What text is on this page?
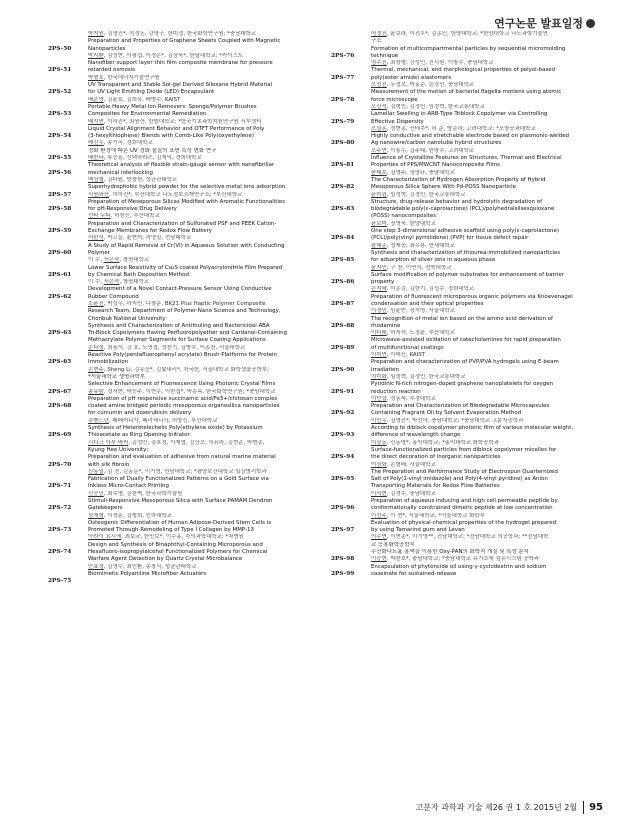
연구논문 발표일정
박지원, 김영진*, 석정돈, 강영구, 한미정, 한국화학연구원; *충남대학교
2PS-50
Preparation and Properties of Graphene Sheets Coupled with Magnetic
Nanoparticles
박지환, 김성현, 이광섭, 이경은*, 김상욱*, 한남대학교; *카이스트
2PS-51
Nanofiber support layer thin film composite membrane for pressure
retarded osmosis
박형호, 한국에너지기술연구원
2PS-52
UV Transparent and Stable Sol-gel Derived Siloxane Hybrid Material
for UV Light Emitting Diode (LED) Encapsulant
배준영, 김윤호, 김희용, 배병수, KAIST
2PS-53
Portable Heavy Metal Ion Removers: Sponge/Polymer Brushes
Composites for Environmental Remediation
배지연, 이하진*, 최원산, 한밭대학교; *한국기초과학지원연구원 서부센터
2PS-54
Liquid Crystal Alignment Behavior and OTFT Performance of Poly
(3-hexylthiophene) Blends with Comb-Like Poly(oxyethylene)
배진우, 송기국, 경희대학교
2PS-55
경화 환경에 따른 UV 경화 물질의 표면 특성 변화 연구
배한나, 류승훈, 신택하라즈, 김재익, 경희대학교
2PS-56
Theoretical analysis of flexible strain-gauge sensor with nanofibrillar
mechanical interlocking
백상열, 김다원, 방창헌, 성균관대학교
2PS-57
Superhydrophobic hybrid powder for the selective metal ions adsorption
서원와산, 이하진*, 부산대학교 나노정보소재연구소; *부산대학교
2PS-58
Preparation of Mesoporous Silicas Modified with Aromatic Functionalities
for pH-Responsive Drug Delivery
선타 무티, 허창신, 부산대학교
2PS-59
Preparation and Characterization of Sulfonated PSF and PEEK Cation-
Exchange Membranes for Redox Flow Battery
서완석, 박고을, 윤현석, 허영일, 전남대학교
2PS-60
A Study of Rapid Removal of Cr(VI) in Aqueous Solution with Conducting
Polymer
이 수, 서은숙, 창원대학교
2PS-61
Lower Surface Resistivity of Cu₂S coated Polyacrylonitrile Film Prepared
by Chemical Bath Deposition Method
이 수, 서은숙, 창원대학교
2PS-62
Development of a Novel Contact-Pressure Sensor Using Conductive
Rubber Compound
소윤진, 박상우, 하지민, 나창운, BK21 Plus Haptic Polymer Composite
Research Team, Department of Polymer-Nano Science and Technology,
Chonbuk National University
2PS-63
Synthesis and Characterization of Antifouling and Bactericidal ABA
Tri-Block Copolymers Having Perfluoropolyether and Cardanol-Containing
Methacrylate Polymer Segments for Surface Coating Applications
손다정, 최용석, 강 호, 노영경, 정찬기, 김병수, 이종찬, 서울대학교
2PS-65
Reactive Poly(pentafluorophenyl acrylate) Brush Platforms for Protein
Immobilization
손현주, Sheng Li, 김유산*, 김빛내리*, 차국헌, 서울대학교 화학생물공학부;
*서울대학교 생명과학부
2PS-67
Selective Enhancement of Fluorescence Using Photonic Crystal Films
송유람, 정서현, 박승주, 이현우, 이한섭*, 박종목, 한국화학연구원; *충남대학교
2PS-68
Preparation of pH responsive succinamic acid/Fe3+/chitosan complex
coated amine bridged periodic mesoporous organosilica nanoparticles
for curcumin and doxorubicin delivery
수벤드란, 페페어니사, 페리체니사, 허창신, 부산대학교
2PS-69
Synthesis of Heterotelechelic Poly(ethylene oxide) by Potassium
Thioacetate as Ring Opening Initiator
시디크 아부 바커, 김정안, 강호정, 이재엽, 김상오, 이유라, 김현준, 박현종,
Kyung Hee University;
2PS-70
Preparation and evaluation of adhesive from natural marine material
with silk fibroin
신동일, 김 진, 김동문*, 이기영, 전남대학교; *광양보건대학교 임상병리학과
2PS-71
Fabrication of Dually Functionalized Patterns on a Gold Surface via
Inkless Micro-Contact Printing
신승민, 최수명, 김찬벽, 한국과학기술원
2PS-72
Stimuli-Responsive Mesoporous Silica with Surface PAMAM Dendron
Gatekeepers
심재형, 이정훈, 김형희, 인하대학교
2PS-73
Osteogenic Differentiation of Human Adipose-Derived Stem Cells is
Promoted Through Remodeling of Type I Collagen by MMP-13
아라이 요시에, 최보규, 한인보*, 이수홍, 차의과학대학교; *차병원
2PS-74
Design and Synthesis of Binaphthyl-Containing Microporous and
Hexafluoro-isopropylalcohol Functionalized Polymers for Chemical
Warfare Agent Detection by Quartz Crystal Microbalance
안효정, 김영수, 최민환, 송창식, 성균관대학교
2PS-75
Biomimetic Polyaniline Microfiber Actuators
어경진, 윤보라, 이진우*, 김종민, 한양대학교; *한양대학교 나노과학기술연
구소
2PS-76
Formation of multicompartmental particles by sequential micromolding
technique
엄수진, 최창형, 강성민, 진시원, 이창수, 충남대학교
2PS-77
Thermal, mechanical, and morphological properties of polyol-based
poly(ester amide) elastomers
오성진, 우정오, 박흥준, 손경선, 충남대학교
2PS-78
Measurement of the motion of bacterial flagella motions using atomic
force microscope
오신석, 김형민, 김경민, 임정혁, 한국교통대학교
2PS-79
Lamellar Swelling in ARB-Type Triblock Copolymer via Controlling
Effective Dispersity
오상훈, 정현종, 산테추*, 허 준, 방준하, 고려대학교; *포항공과대학교
2PS-80
Highly conductive and stretchable electrode based on plasmonic-welded
Ag nanowire/carbon nanotube hybrid structures
오주연, 이용수, 김주태, 한창수, 고려대학교
2PS-81
Influence of Crystalline Features on Structures, Thermal and Electrical
Properties of PPS/MWCNT Nanocomposite Films
윤태호, 김영주, 정영규, 충남대학교
2PS-82
The Characterization of Hydrogen Absorption Property of Hybrid
Mesoporous Silica Sphere With Pd-POSS Nanoparticle
윤미림, 임정혁, 김경민, 한국교통대학교
2PS-83
Structure, drug-release behavior and hydrolytic degradation of
biodegradable poly(ɛ-caprolactone) (PCL)/polyhedralsilsesquioxane
(POSS) nanocomposites
윤보미, 장영욱, 한양대학교
2PS-84
One step 3-dimensional adhesive scaffold using poly(ɛ-caprolactone)
(PCL)/poly(vinyl pyrrolidone) (PVP) for tissue defect repair
윤혜준, 정재웅, 최우용, 연세대학교
2PS-85
Synthesis and characterization of thiourea-immobilized nanoparticles
for adsorption of silver ions in aqueous phase
윤지민, 구 천, 이연식, 전북대학교
2PS-86
Surface modification of polymer substrates for enhancement of barrier
property
은지혜, 이종걸, 김한기, 김성수, 경희대학교
2PS-87
Preparation of fluorescent microporous organic polymers via Knoevenagel
condensation and their optical properties
이경민, 임윤빈, 장지영, 서울대학교
2PS-88
The recognition of metal ion based on the amino acid derivation of
rhodamine
이다래, 허지석, 도정윤, 부산대학교
2PS-89
Microwave-assisted oxidation of catecholamines for rapid preparation
of multifunctional coatings
이미연, 이해신, KAIST
2PS-90
Preparation and characterization of PVP/PVA hydrogels using E-beam
irradiation
이미화, 임정혁, 김경민, 한국교통대학교
2PS-91
Pyridinic N-rich nitrogen-doped graphene nanoplatelets for oxygen
reduction reaction
이민섭, 정동욱, 부경대학교
2PS-92
Preparation and Characterization of Biodegradable Microcapsules
Containing Fragrant Oil by Solvent Evaporation Method
이민우, 김영진*, 박선아, 충남대학교; *충남대학교 고분자공학과
2PS-93
According to diblock copolymer photonic film of various molecular weight,
difference of wavelength change
이상동, 신동명*, 홍익대학교; *홍익대학교 화학공학과
2PS-94
Surface-functionalized particles from diblock copolymer micelles for
the direct decoration of inorganic nanoparticles
이상화, 손형배, 서울대학교
2PS-95
The Preparation and Performance Study of Electrospun Quarternized
Salt of Poly(1-vinyl imidazole) and Poly(4-vinyl pyridine) as Anion
Transporting Materials for Redox Flow Batteries
이석현, 김경수, 충남대학교
2PS-96
Preparation of aqueous inducing and high cell permeable peptide by
conformationally constrained dimeric peptide at low concentration
이선주, 이 면*, 서울대학교; *서울대학교 화학부
2PS-97
Evaluation of physical-chemical properties of the hydrogel prepared
by using Tamarind gum and Levan
이수연, 이현준*, 이기영**, 전남대학교; *전남대학교 의공학과; **전남대학
교 응용화학공학부
2PS-98
수산화나트륨 용액을 이용한 Oxy-PAN의 화학적 개질 및 특성 분석
이승현, 박찬호*, 충남대학교; *충남대학교 유기소재 섬유시스템 공학과
2PS-99
Encapsulation of phytoncide oil using γ-cyclodextrin and sodium
caseinate for sustained-release
고분자 과학과 기술 제26 권 1 호 2015년 2월 95
